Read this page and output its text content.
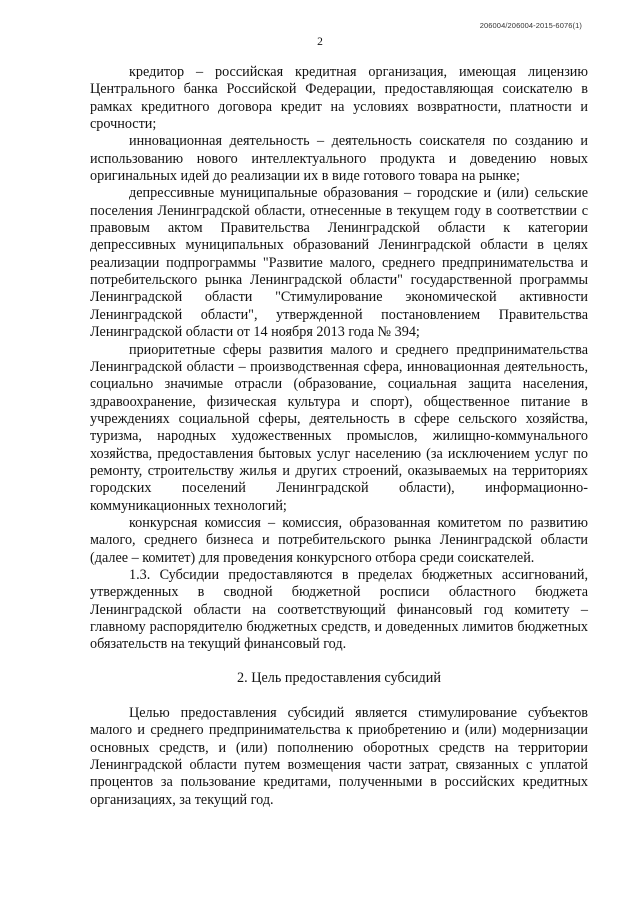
206004/206004-2015-6076(1)
2

кредитор – российская кредитная организация, имеющая лицензию Центрального банка Российской Федерации, предоставляющая соискателю в рамках кредитного договора кредит на условиях возвратности, платности и срочности;

инновационная деятельность – деятельность соискателя по созданию и использованию нового интеллектуального продукта и доведению новых оригинальных идей до реализации их в виде готового товара на рынке;

депрессивные муниципальные образования – городские и (или) сельские поселения Ленинградской области, отнесенные в текущем году в соответствии с правовым актом Правительства Ленинградской области к категории депрессивных муниципальных образований Ленинградской области в целях реализации подпрограммы "Развитие малого, среднего предпринимательства и потребительского рынка Ленинградской области" государственной программы Ленинградской области "Стимулирование экономической активности Ленинградской области", утвержденной постановлением Правительства Ленинградской области от 14 ноября 2013 года № 394;

приоритетные сферы развития малого и среднего предпринимательства Ленинградской области – производственная сфера, инновационная деятельность, социально значимые отрасли (образование, социальная защита населения, здравоохранение, физическая культура и спорт), общественное питание в учреждениях социальной сферы, деятельность в сфере сельского хозяйства, туризма, народных художественных промыслов, жилищно-коммунального хозяйства, предоставления бытовых услуг населению (за исключением услуг по ремонту, строительству жилья и других строений, оказываемых на территориях городских поселений Ленинградской области), информационно-коммуникационных технологий;

конкурсная комиссия – комиссия, образованная комитетом по развитию малого, среднего бизнеса и потребительского рынка Ленинградской области (далее – комитет) для проведения конкурсного отбора среди соискателей.

1.3. Субсидии предоставляются в пределах бюджетных ассигнований, утвержденных в сводной бюджетной росписи областного бюджета Ленинградской области на соответствующий финансовый год комитету – главному распорядителю бюджетных средств, и доведенных лимитов бюджетных обязательств на текущий финансовый год.

2. Цель предоставления субсидий

Целью предоставления субсидий является стимулирование субъектов малого и среднего предпринимательства к приобретению и (или) модернизации основных средств, и (или) пополнению оборотных средств на территории Ленинградской области путем возмещения части затрат, связанных с уплатой процентов за пользование кредитами, полученными в российских кредитных организациях, за текущий год.
